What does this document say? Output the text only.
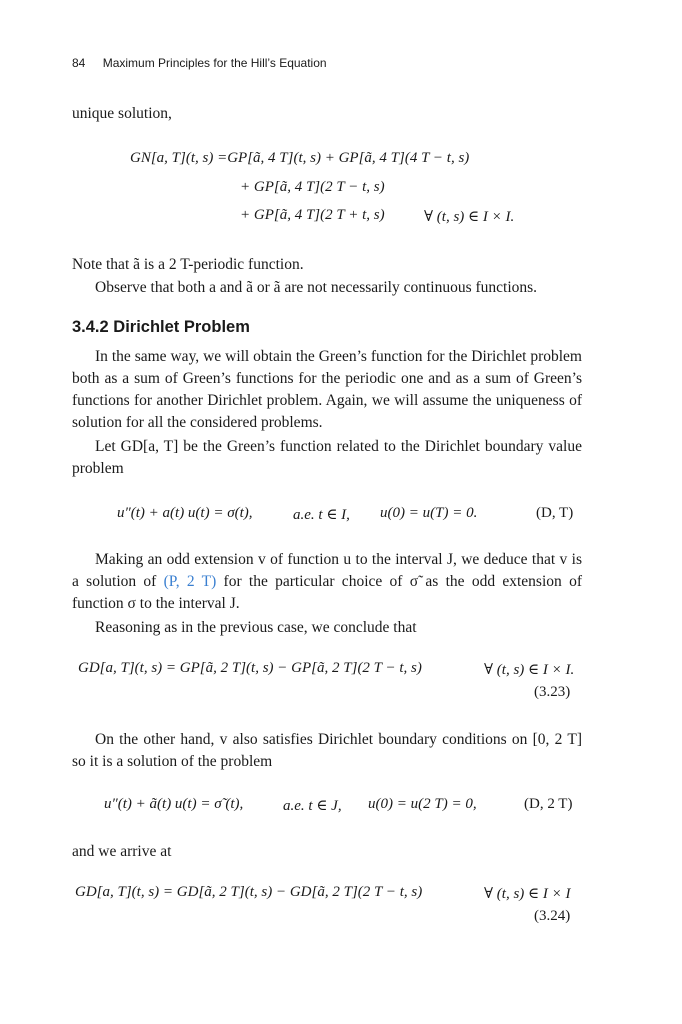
84 Maximum Principles for the Hill’s Equation
unique solution,
GN[a, T](t, s) =GP[ã, 4 T](t, s) + GP[ã, 4 T](4 T − t, s)
+ GP[ã, 4 T](2 T − t, s)
+ GP[ã, 4 T](2 T + t, s)	∀ (t, s) ∈ I × I.
Note that ã is a 2 T-periodic function.
Observe that both a and ã or ã are not necessarily continuous functions.
3.4.2 Dirichlet Problem
In the same way, we will obtain the Green’s function for the Dirichlet problem both as a sum of Green’s functions for the periodic one and as a sum of Green’s functions for another Dirichlet problem. Again, we will assume the uniqueness of solution for all the considered problems.
Let GD[a, T] be the Green’s function related to the Dirichlet boundary value problem
u″(t) + a(t) u(t) = σ(t),	a.e. t ∈ I, u(0) = u(T) = 0.	(D, T)
Making an odd extension v of function u to the interval J, we deduce that v is a solution of (P, 2 T) for the particular choice of σ̃ as the odd extension of function σ to the interval J.
Reasoning as in the previous case, we conclude that
GD[a, T](t, s) = GP[ã, 2 T](t, s) − GP[ã, 2 T](2 T − t, s)	∀ (t, s) ∈ I × I.
(3.23)
On the other hand, v also satisfies Dirichlet boundary conditions on [0, 2 T] so it is a solution of the problem
u″(t) + ã(t) u(t) = σ̃ (t),	a.e. t ∈ J, u(0) = u(2 T) = 0,	(D, 2 T)
and we arrive at
GD[a, T](t, s) = GD[ã, 2 T](t, s) − GD[ã, 2 T](2 T − t, s)	∀ (t, s) ∈ I × I
(3.24)
